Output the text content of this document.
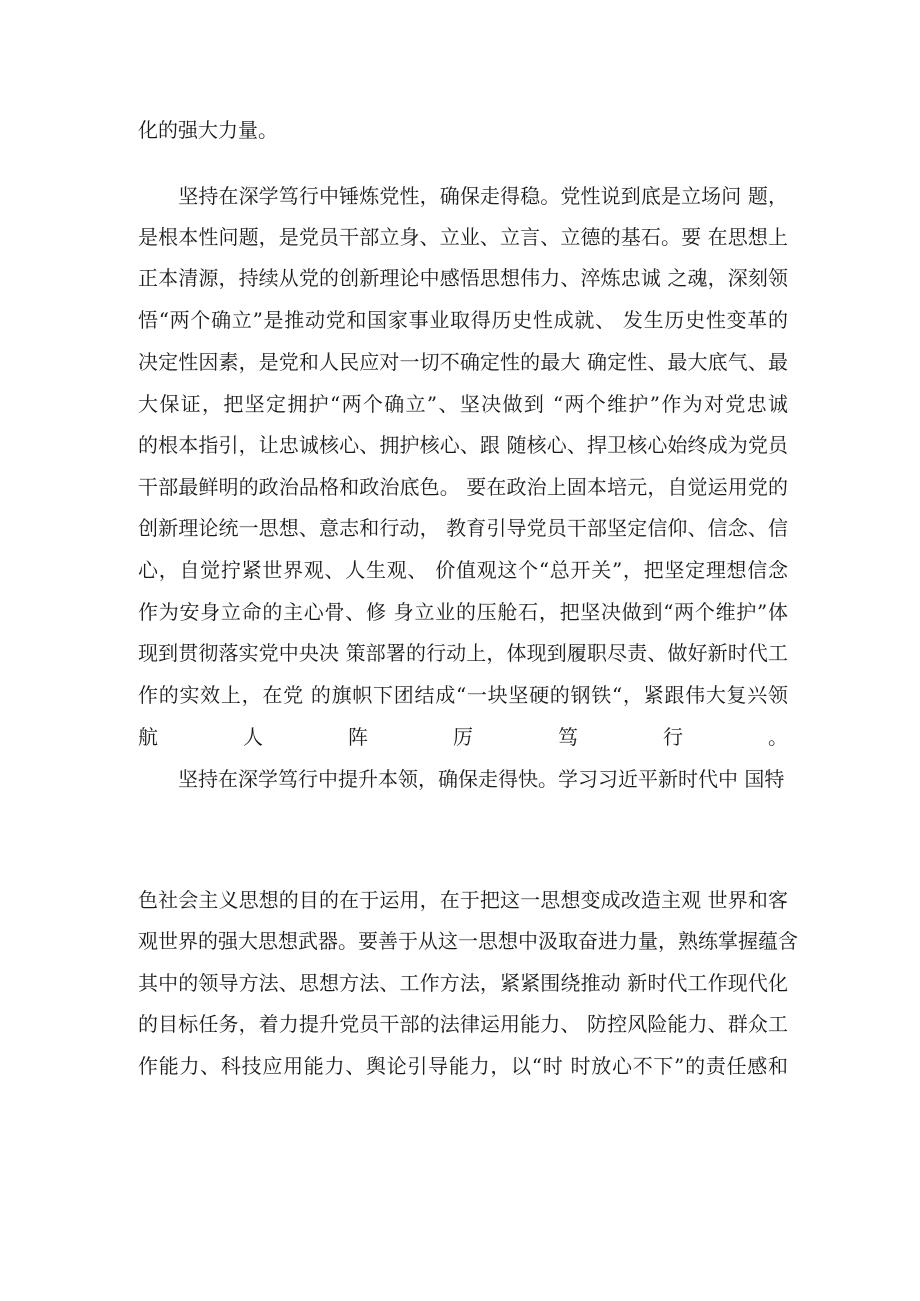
化的强大力量。
　　坚持在深学笃行中锤炼党性，确保走得稳。党性说到底是立场问 题，
是根本性问题，是党员干部立身、立业、立言、立德的基石。要 在思想上
正本清源，持续从党的创新理论中感悟思想伟力、淬炼忠诚 之魂，深刻领
悟“两个确立”是推动党和国家事业取得历史性成就、 发生历史性变革的
决定性因素，是党和人民应对一切不确定性的最大 确定性、最大底气、最
大保证，把坚定拥护“两个确立”、坚决做到 “两个维护”作为对党忠诚
的根本指引，让忠诚核心、拥护核心、跟 随核心、捍卫核心始终成为党员
干部最鲜明的政治品格和政治底色。 要在政治上固本培元，自觉运用党的
创新理论统一思想、意志和行动， 教育引导党员干部坚定信仰、信念、信
心，自觉拧紧世界观、人生观、 价值观这个“总开关”，把坚定理想信念
作为安身立命的主心骨、修 身立业的压舱石，把坚决做到“两个维护”体
现到贯彻落实党中央决 策部署的行动上，体现到履职尽责、做好新时代工
作的实效上，在党 的旗帜下团结成“一块坚硬的钢铁“，紧跟伟大复兴领
航人阵厉笃行。
　　坚持在深学笃行中提升本领，确保走得快。学习习近平新时代中 国特
色社会主义思想的目的在于运用，在于把这一思想变成改造主观 世界和客
观世界的强大思想武器。要善于从这一思想中汲取奋进力量，熟练掌握蕴含
其中的领导方法、思想方法、工作方法，紧紧围绕推动 新时代工作现代化
的目标任务，着力提升党员干部的法律运用能力、 防控风险能力、群众工
作能力、科技应用能力、舆论引导能力，以“时 时放心不下”的责任感和
